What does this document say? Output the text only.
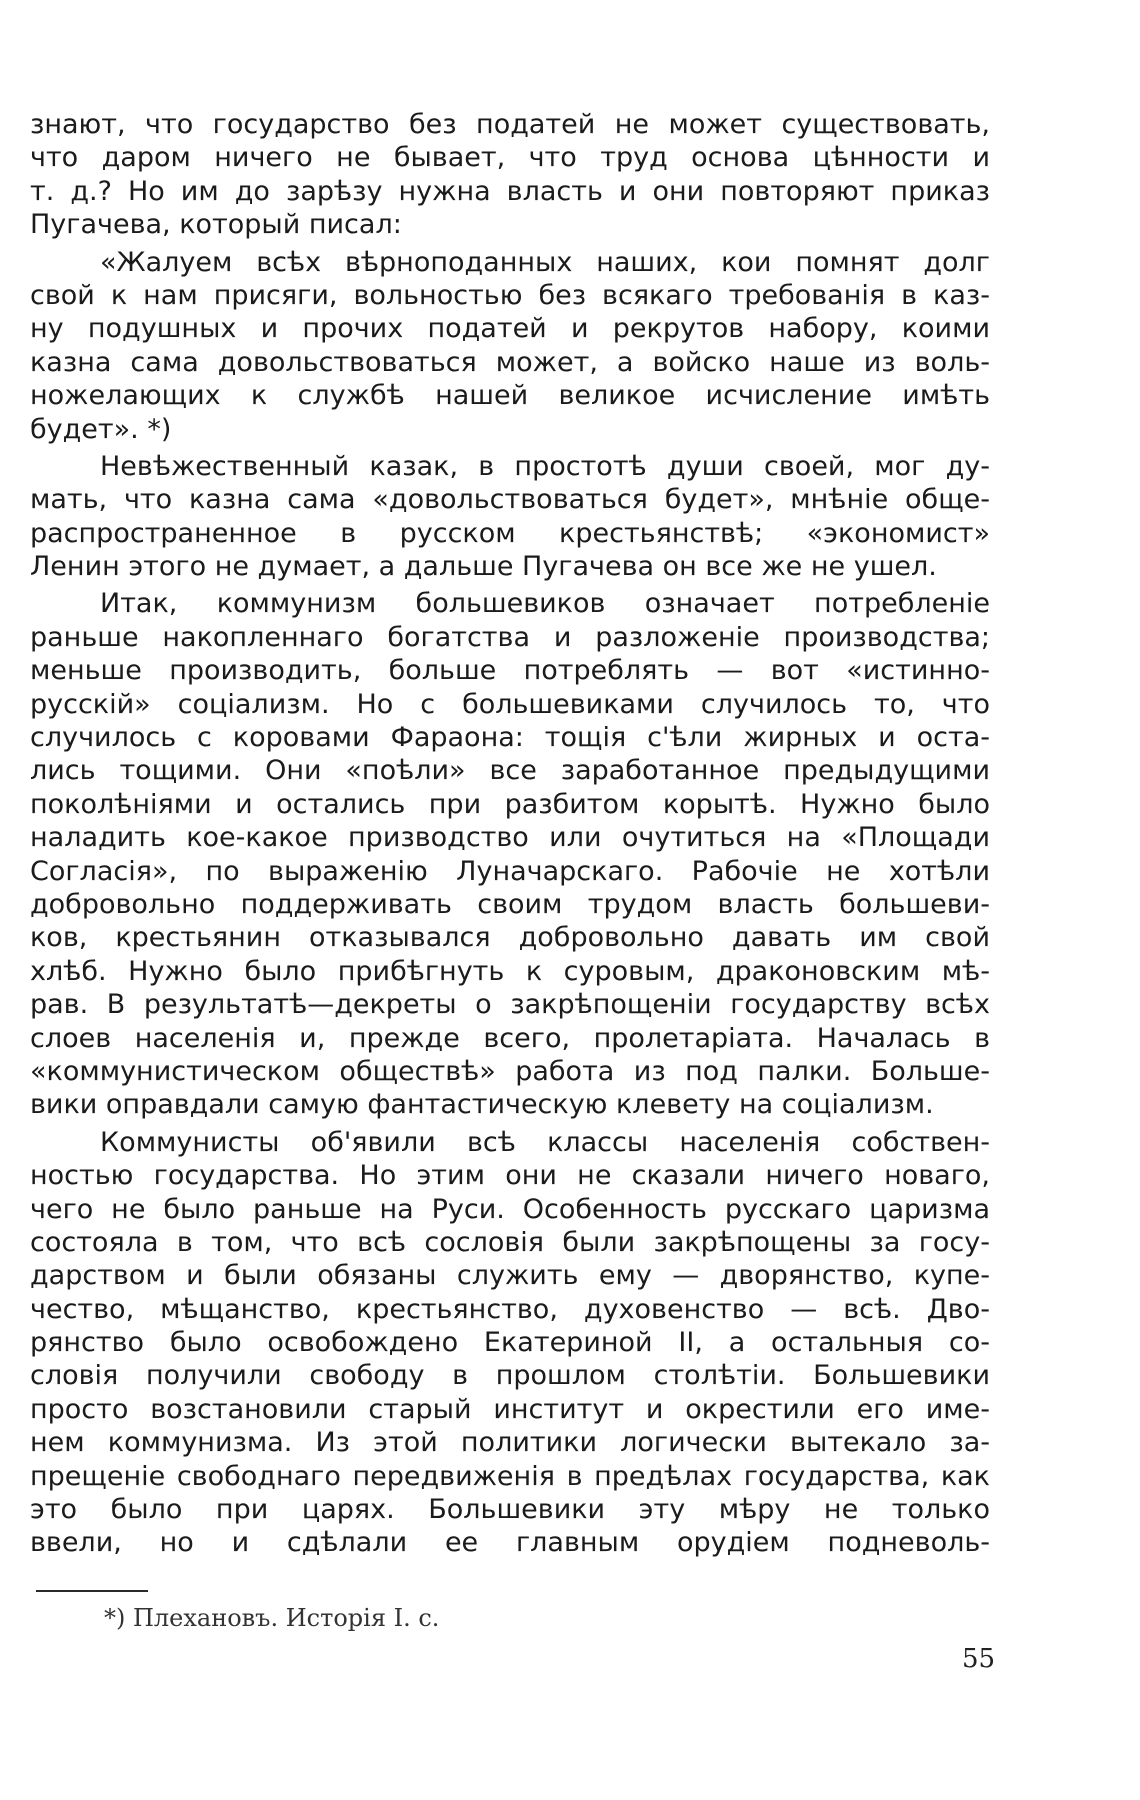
знают, что государство без податей не может существовать,
что даром ничего не бывает, что труд основа цѣнности и
т. д.? Но им до зарѣзу нужна власть и они повторяют приказ
Пугачева, который писал:
«Жалуем всѣх вѣрноподанных наших, кои помнят долг
свой к нам присяги, вольностью без всякаго требованія в каз-
ну подушных и прочих податей и рекрутов набору, коими
казна сама довольствоваться может, а войско наше из воль-
ножелающих к службѣ нашей великое исчисление имѣть
будет». *)
Невѣжественный казак, в простотѣ души своей, мог ду-
мать, что казна сама «довольствоваться будет», мнѣніе обще-
распространенное в русском крестьянствѣ; «экономист»
Ленин этого не думает, а дальше Пугачева он все же не ушел.
Итак, коммунизм большевиков означает потребленіе
раньше накопленнаго богатства и разложеніе производства;
меньше производить, больше потреблять — вот «истинно-
русскій» соціализм. Но с большевиками случилось то, что
случилось с коровами Фараона: тощія с'ѣли жирных и оста-
лись тощими. Они «поѣли» все заработанное предыдущими
поколѣніями и остались при разбитом корытѣ. Нужно было
наладить кое-какое призводство или очутиться на «Площади
Согласія», по выраженію Луначарскаго. Рабочіе не хотѣли
добровольно поддерживать своим трудом власть большеви-
ков, крестьянин отказывался добровольно давать им свой
хлѣб. Нужно было прибѣгнуть к суровым, драконовским мѣ-
рав. В результатѣ—декреты о закрѣпощеніи государству всѣх
слоев населенія и, прежде всего, пролетаріата. Началась в
«коммунистическом обществѣ» работа из под палки. Больше-
вики оправдали самую фантастическую клевету на соціализм.
Коммунисты об'явили всѣ классы населенія собствен-
ностью государства. Но этим они не сказали ничего новаго,
чего не было раньше на Руси. Особенность русскаго царизма
состояла в том, что всѣ сословія были закрѣпощены за госу-
дарством и были обязаны служить ему — дворянство, купе-
чество, мѣщанство, крестьянство, духовенство — всѣ. Дво-
рянство было освобождено Екатериной II, а остальныя со-
словія получили свободу в прошлом столѣтіи. Большевики
просто возстановили старый институт и окрестили его име-
нем коммунизма. Из этой политики логически вытекало за-
прещеніе свободнаго передвиженія в предѣлах государства, как
это было при царях. Большевики эту мѣру не только
ввели, но и сдѣлали ее главным орудіем подневоль-
*) Плехановъ. Исторія I. с.
55
